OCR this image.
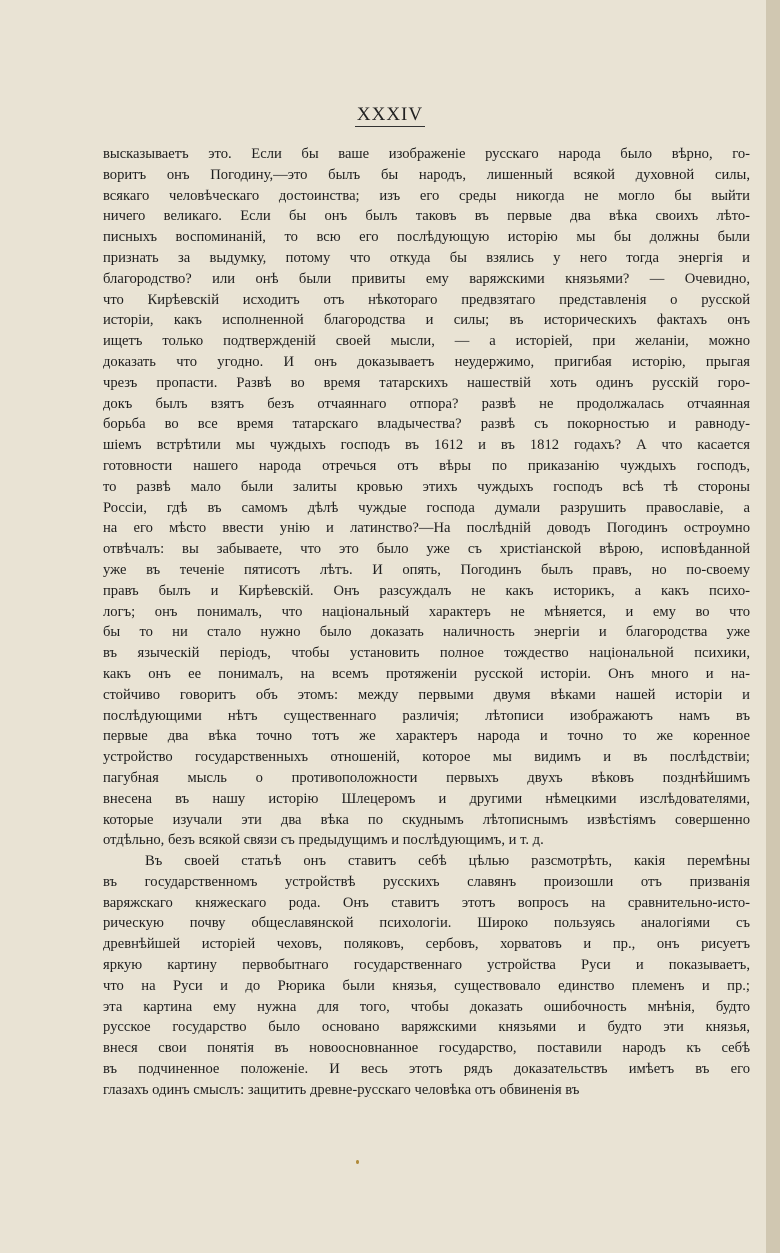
XXXIV
высказываетъ это. Если бы ваше изображенiе русскаго народа было вѣрно, го-
воритъ онъ Погодину,—это былъ бы народъ, лишенный всякой духовной силы,
всякаго человѣческаго достоинства; изъ его среды никогда не могло бы выйти
ничего великаго. Если бы онъ былъ таковъ въ первые два вѣка своихъ лѣто-
писныхъ воспоминанiй, то всю его послѣдующую исторiю мы бы должны были
признать за выдумку, потому что откуда бы взялись у него тогда энергiя и
благородство? или онѣ были привиты ему варяжскими князьями? — Очевидно,
что Кирѣевскiй исходитъ отъ нѣкотораго предвзятаго представленiя о русской
исторiи, какъ исполненной благородства и силы; въ историческихъ фактахъ онъ
ищетъ только подтвержденiй своей мысли, — а исторiей, при желанiи, можно
доказать что угодно. И онъ доказываетъ неудержимо, пригибая исторiю, прыгая
чрезъ пропасти. Развѣ во время татарскихъ нашествiй хоть одинъ русскiй горо-
докъ былъ взятъ безъ отчаяннаго отпора? развѣ не продолжалась отчаянная
борьба во все время татарскаго владычества? развѣ съ покорностью и равноду-
шiемъ встрѣтили мы чуждыхъ господъ въ 1612 и въ 1812 годахъ? А что касается
готовности нашего народа отречься отъ вѣры по приказанiю чуждыхъ господъ,
то развѣ мало были залиты кровью этихъ чуждыхъ господъ всѣ тѣ стороны
Россiи, гдѣ въ самомъ дѣлѣ чуждые господа думали разрушить православiе, а
на его мѣсто ввести унiю и латинство?—На послѣднiй доводъ Погодинъ остроумно
отвѣчалъ: вы забываете, что это было уже съ христiанской вѣрою, исповѣданной
уже въ теченiе пятисотъ лѣтъ. И опять, Погодинъ былъ правъ, но по-своему
правъ былъ и Кирѣевскiй. Онъ разсуждалъ не какъ историкъ, а какъ психо-
логъ; онъ понималъ, что нацiональный характеръ не мѣняется, и ему во что
бы то ни стало нужно было доказать наличность энергiи и благородства уже
въ языческiй перiодъ, чтобы установить полное тождество нацiональной психики,
какъ онъ ее понималъ, на всемъ протяженiи русской исторiи. Онъ много и на-
стойчиво говоритъ объ этомъ: между первыми двумя вѣками нашей исторiи и
послѣдующими нѣтъ существеннаго различiя; лѣтописи изображаютъ намъ въ
первые два вѣка точно тотъ же характеръ народа и точно то же коренное
устройство государственныхъ отношенiй, которое мы видимъ и въ послѣдствiи;
пагубная мысль о противоположности первыхъ двухъ вѣковъ позднѣйшимъ
внесена въ нашу исторiю Шлецеромъ и другими нѣмецкими изслѣдователями,
которые изучали эти два вѣка по скуднымъ лѣтописнымъ извѣстiямъ совершенно
отдѣльно, безъ всякой связи съ предыдущимъ и послѣдующимъ, и т. д.
Въ своей статьѣ онъ ставитъ себѣ цѣлью разсмотрѣть, какiя перемѣны
въ государственномъ устройствѣ русскихъ славянъ произошли отъ призванiя
варяжскаго княжескаго рода. Онъ ставитъ этотъ вопросъ на сравнительно-исто-
рическую почву общеславянской психологiи. Широко пользуясь аналогiями съ
древнѣйшей исторiей чеховъ, поляковъ, сербовъ, хорватовъ и пр., онъ рисуетъ
яркую картину первобытнаго государственнаго устройства Руси и показываетъ,
что на Руси и до Рюрика были князья, существовало единство племенъ и пр.;
эта картина ему нужна для того, чтобы доказать ошибочность мнѣнiя, будто
русское государство было основано варяжскими князьями и будто эти князья,
внеся свои понятiя въ новоосновнанное государство, поставили народъ къ себѣ
въ подчиненное положенiе. И весь этотъ рядъ доказательствъ имѣетъ въ его
глазахъ одинъ смыслъ: защитить древне-русскаго человѣка отъ обвиненiя въ
